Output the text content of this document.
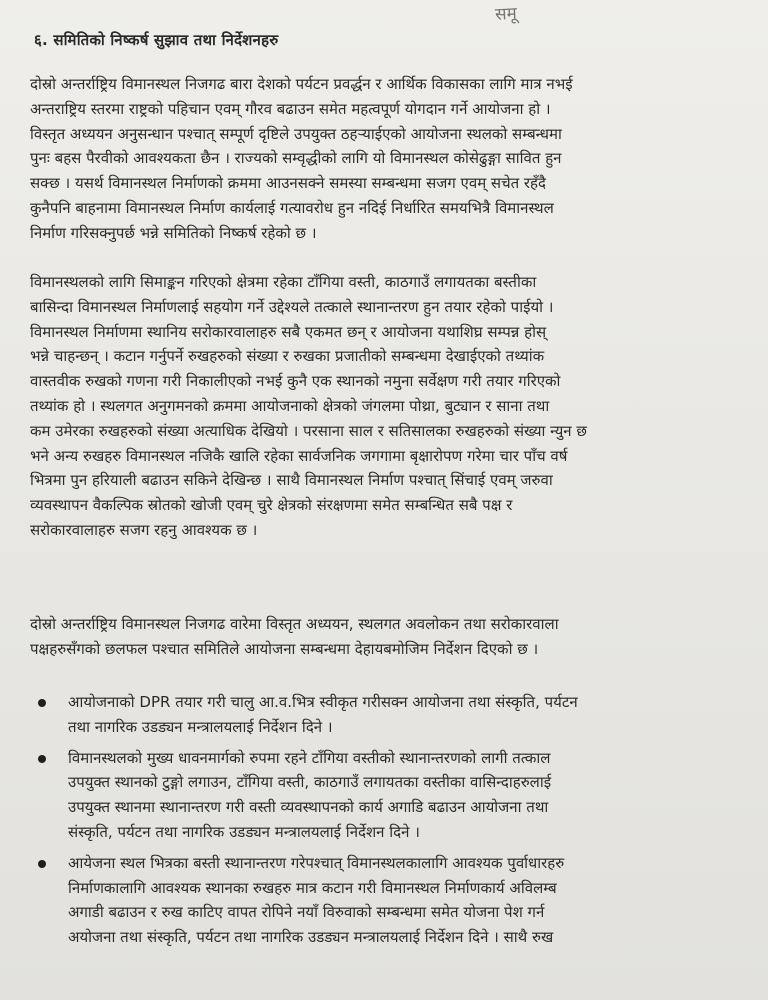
समू
६. समितिको निष्कर्ष सुझाव तथा निर्देशनहरु
दोस्रो अन्तर्राष्ट्रिय विमानस्थल निजगढ बारा देशको पर्यटन प्रवर्द्धन र आर्थिक विकासका लागि मात्र नभई
अन्तराष्ट्रिय स्तरमा राष्ट्रको पहिचान एवम् गौरव बढाउन समेत महत्वपूर्ण योगदान गर्ने आयोजना हो ।
विस्तृत अध्ययन अनुसन्धान पश्चात् सम्पूर्ण दृष्टिले उपयुक्त ठहऱ्याईएको आयोजना स्थलको सम्बन्धमा
पुनः बहस पैरवीको आवश्यकता छैन । राज्यको सम्वृद्धीको लागि यो विमानस्थल कोसेढुङ्गा सावित हुन
सक्छ । यसर्थ विमानस्थल निर्माणको क्रममा आउनसक्ने समस्या सम्बन्धमा सजग एवम् सचेत रहँदै
कुनैपनि बाहनामा विमानस्थल निर्माण कार्यलाई गत्यावरोध हुन नदिई निर्धारित समयभित्रै विमानस्थल
निर्माण गरिसक्नुपर्छ भन्ने समितिको निष्कर्ष रहेको छ ।
विमानस्थलको लागि सिमाङ्कन गरिएको क्षेत्रमा रहेका टाँगिया वस्ती, काठगाउँ लगायतका बस्तीका
बासिन्दा विमानस्थल निर्माणलाई सहयोग गर्ने उद्देश्यले तत्काले स्थानान्तरण हुन तयार रहेको पाईयो ।
विमानस्थल निर्माणमा स्थानिय सरोकारवालाहरु सबै एकमत छन् र आयोजना यथाशिघ्र सम्पन्न होस्
भन्ने चाहन्छन् । कटान गर्नुपर्ने रुखहरुको संख्या र रुखका प्रजातीको सम्बन्धमा देखाईएको तथ्यांक
वास्तवीक रुखको गणना गरी निकालीएको नभई कुनै एक स्थानको नमुना सर्वेक्षण गरी तयार गरिएको
तथ्यांक हो । स्थलगत अनुगमनको क्रममा आयोजनाको क्षेत्रको जंगलमा पोथ्रा, बुट्यान र साना तथा
कम उमेरका रुखहरुको संख्या अत्याधिक देखियो । परसाना साल र सतिसालका रुखहरुको संख्या न्युन छ
भने अन्य रुखहरु विमानस्थल नजिकै खालि रहेका सार्वजनिक जगगामा बृक्षारोपण गरेमा चार पाँच वर्ष
भित्रमा पुन हरियाली बढाउन सकिने देखिन्छ । साथै विमानस्थल निर्माण पश्चात् सिंचाई एवम् जरुवा
व्यवस्थापन वैकल्पिक स्रोतको खोजी एवम् चुरे क्षेत्रको संरक्षणमा समेत सम्बन्धित सबै पक्ष र
सरोकारवालाहरु सजग रहनु आवश्यक छ ।
दोस्रो अन्तर्राष्ट्रिय विमानस्थल निजगढ वारेमा विस्तृत अध्ययन, स्थलगत अवलोकन तथा सरोकारवाला
पक्षहरुसँगको छलफल पश्चात समितिले आयोजना सम्बन्धमा देहायबमोजिम निर्देशन दिएको छ ।
आयोजनाको DPR तयार गरी चालु आ.व.भित्र स्वीकृत गरीसक्न आयोजना तथा संस्कृति, पर्यटन
तथा नागरिक उडड्यन मन्त्रालयलाई निर्देशन दिने ।
विमानस्थलको मुख्य धावनमार्गको रुपमा रहने टाँगिया वस्तीको स्थानान्तरणको लागी तत्काल
उपयुक्त स्थानको टुङ्गो लगाउन, टाँगिया वस्ती, काठगाउँ लगायतका वस्तीका वासिन्दाहरुलाई
उपयुक्त स्थानमा स्थानान्तरण गरी वस्ती व्यवस्थापनको कार्य अगाडि बढाउन आयोजना तथा
संस्कृति, पर्यटन तथा नागरिक उडड्यन मन्त्रालयलाई निर्देशन दिने ।
आयेजना स्थल भित्रका बस्ती स्थानान्तरण गरेपश्चात् विमानस्थलकालागि आवश्यक पुर्वाधारहरु
निर्माणकालागि आवश्यक स्थानका रुखहरु मात्र कटान गरी विमानस्थल निर्माणकार्य अविलम्ब
अगाडी बढाउन र रुख काटिए वापत रोपिने नयाँ विरुवाको सम्बन्धमा समेत योजना पेश गर्न
अयोजना तथा संस्कृति, पर्यटन तथा नागरिक उडड्यन मन्त्रालयलाई निर्देशन दिने । साथै रुख
